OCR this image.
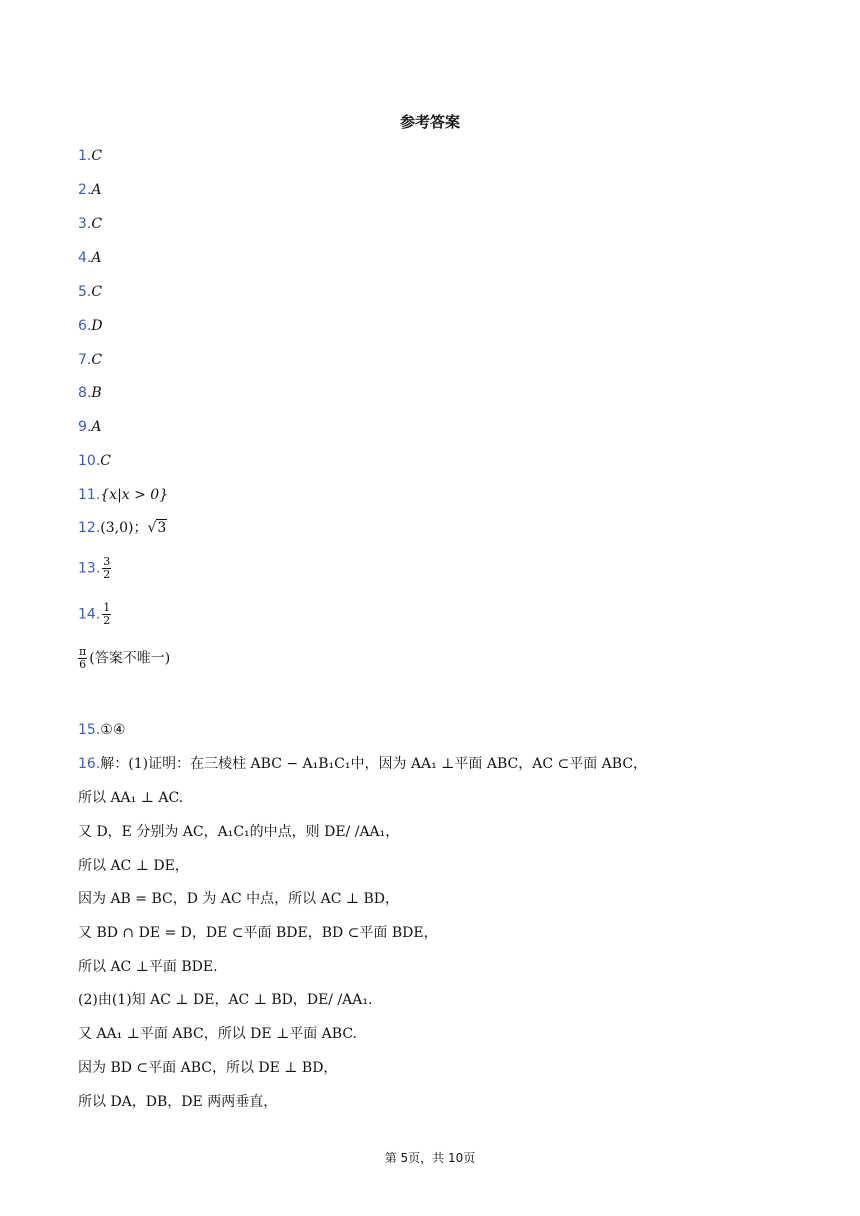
参考答案
1.C
2.A
3.C
4.A
5.C
6.D
7.C
8.B
9.A
10.C
11.{x|x > 0}
12.(3,0)；√3
13. $\frac{3}{2}$
14. $\frac{1}{2}$
$\frac{\pi}{6}$ (答案不唯一)
15.①④
16.解：(1)证明：在三棱柱 ABC − A₁B₁C₁中，因为 AA₁ ⊥平面 ABC，AC ⊂平面 ABC，
所以 AA₁ ⊥ AC.
又 D，E 分别为 AC，A₁C₁的中点，则 DE/ /AA₁，
所以 AC ⊥ DE，
因为 AB = BC，D 为 AC 中点，所以 AC ⊥ BD，
又 BD ∩ DE = D，DE ⊂平面 BDE，BD ⊂平面 BDE，
所以 AC ⊥平面 BDE.
(2)由(1)知 AC ⊥ DE，AC ⊥ BD，DE/ /AA₁.
又 AA₁ ⊥平面 ABC，所以 DE ⊥平面 ABC.
因为 BD ⊂平面 ABC，所以 DE ⊥ BD，
所以 DA，DB，DE 两两垂直，
第 5页，共 10页
